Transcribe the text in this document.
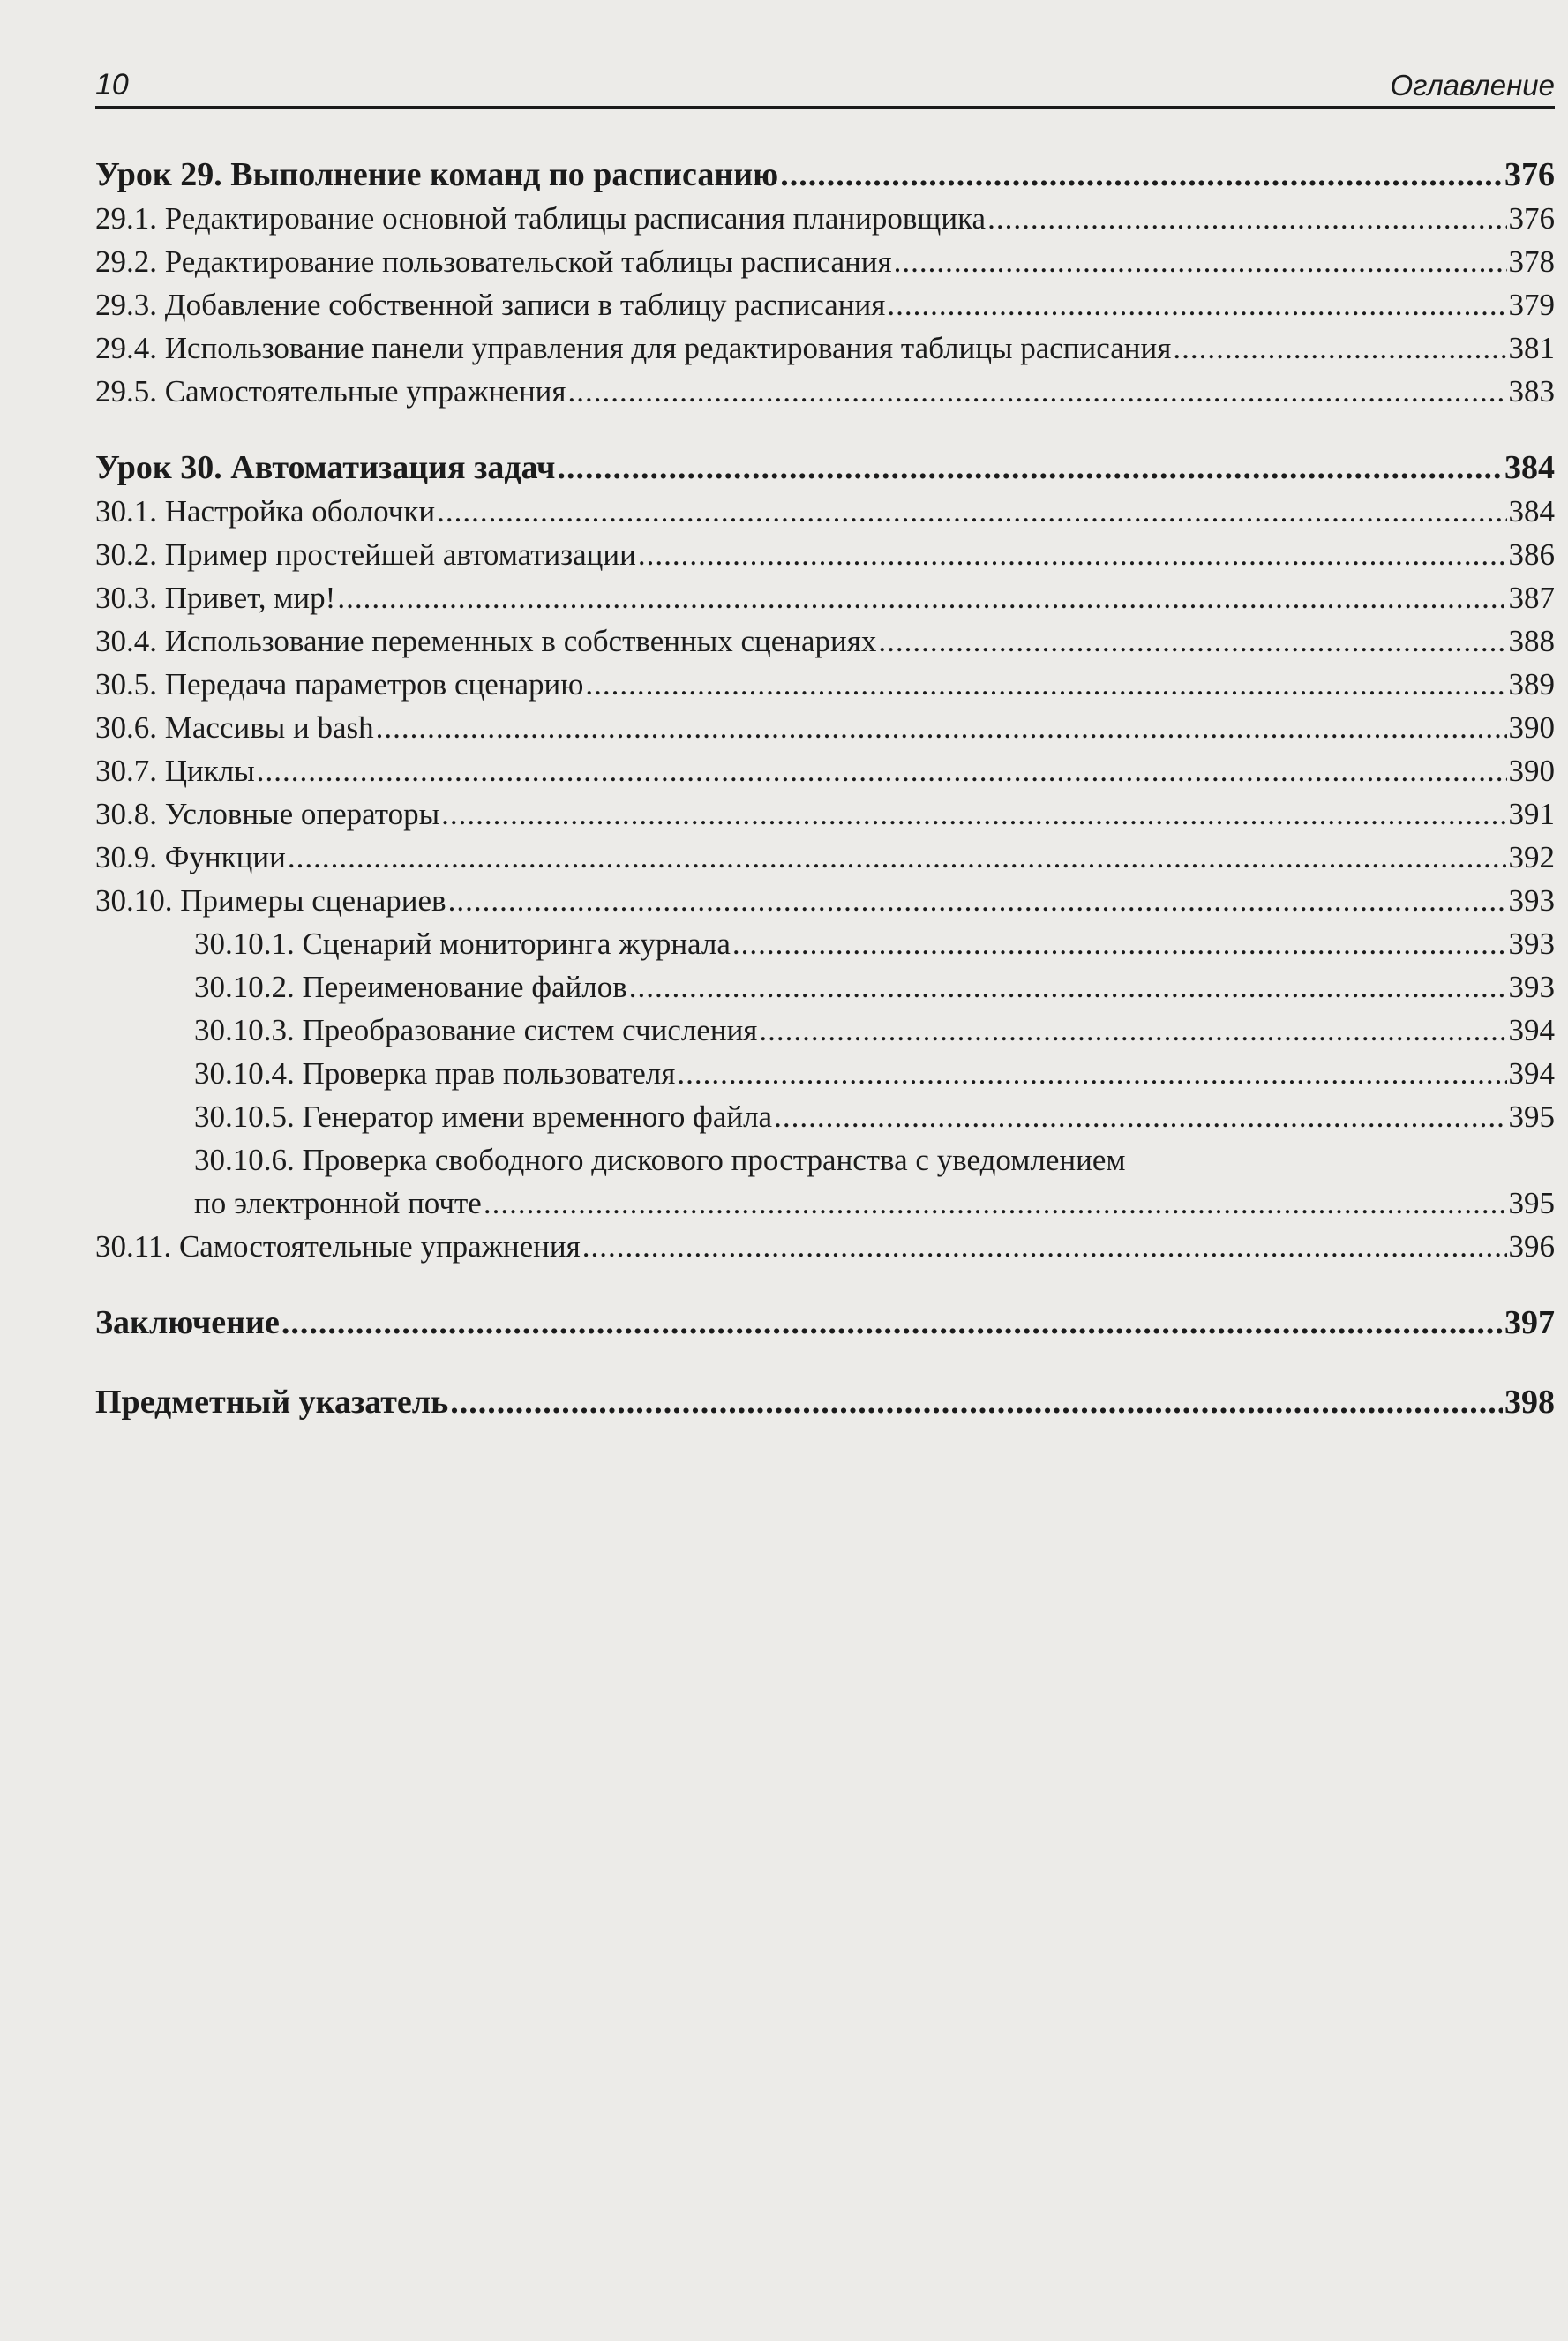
10	Оглавление
Урок 29. Выполнение команд по расписанию .....	376
29.1. Редактирование основной таблицы расписания планировщика .....	376
29.2. Редактирование пользовательской таблицы расписания .....	378
29.3. Добавление собственной записи в таблицу расписания .....	379
29.4. Использование панели управления для редактирования таблицы расписания .....	381
29.5. Самостоятельные упражнения .....	383
Урок 30. Автоматизация задач .....	384
30.1. Настройка оболочки .....	384
30.2. Пример простейшей автоматизации .....	386
30.3. Привет, мир! .....	387
30.4. Использование переменных в собственных сценариях .....	388
30.5. Передача параметров сценарию .....	389
30.6. Массивы и bash .....	390
30.7. Циклы .....	390
30.8. Условные операторы .....	391
30.9. Функции .....	392
30.10. Примеры сценариев .....	393
30.10.1. Сценарий мониторинга журнала .....	393
30.10.2. Переименование файлов .....	393
30.10.3. Преобразование систем счисления .....	394
30.10.4. Проверка прав пользователя .....	394
30.10.5. Генератор имени временного файла .....	395
30.10.6. Проверка свободного дискового пространства с уведомлением
по электронной почте .....	395
30.11. Самостоятельные упражнения .....	396
Заключение .....	397
Предметный указатель .....	398
